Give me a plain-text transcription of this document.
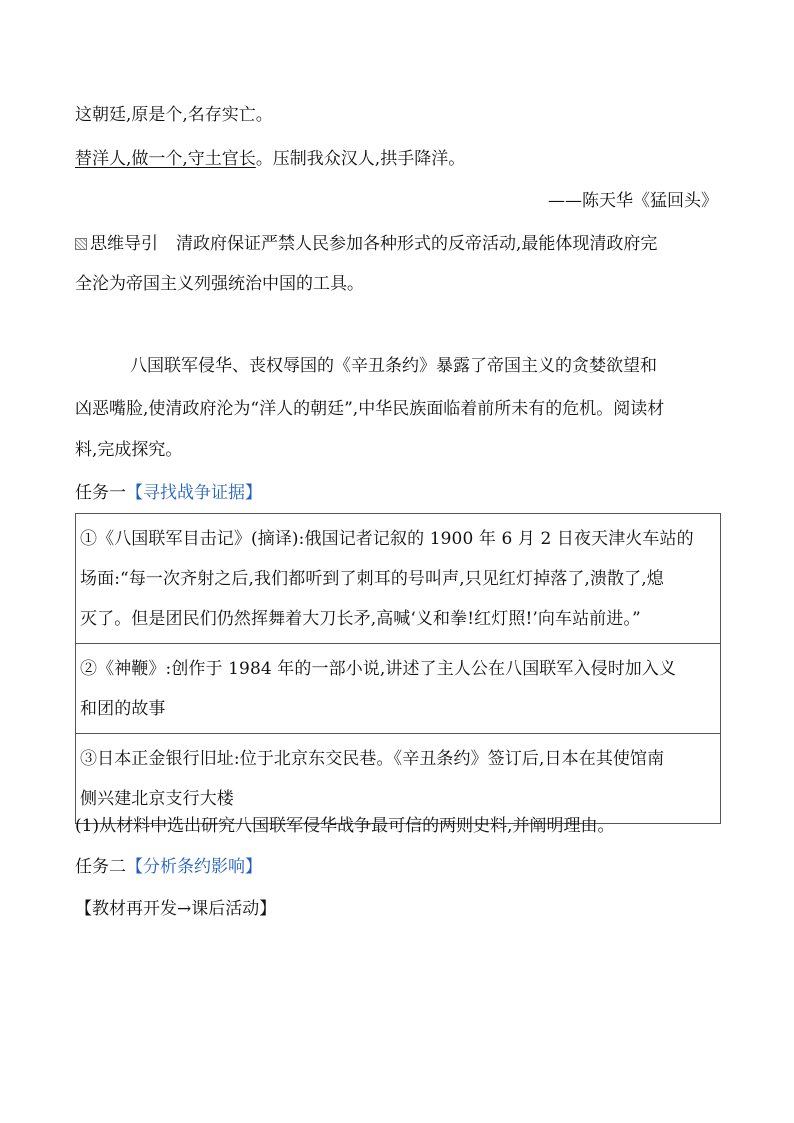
这朝廷,原是个,名存实亡。
替洋人,做一个,守土官长。压制我众汉人,拱手降洋。
——陈天华《猛回头》
思维导引 清政府保证严禁人民参加各种形式的反帝活动,最能体现清政府完
全沦为帝国主义列强统治中国的工具。
八国联军侵华、丧权辱国的《辛丑条约》暴露了帝国主义的贪婪欲望和
凶恶嘴脸,使清政府沦为“洋人的朝廷”,中华民族面临着前所未有的危机。阅读材
料,完成探究。
任务一【寻找战争证据】
①《八国联军目击记》(摘译):俄国记者记叙的 1900 年 6 月 2 日夜天津火车站的
场面:“每一次齐射之后,我们都听到了刺耳的号叫声,只见红灯掉落了,溃散了,熄
灭了。但是团民们仍然挥舞着大刀长矛,高喊‘义和拳!红灯照!’向车站前进。”
②《神鞭》:创作于 1984 年的一部小说,讲述了主人公在八国联军入侵时加入义
和团的故事
③日本正金银行旧址:位于北京东交民巷。《辛丑条约》签订后,日本在其使馆南
侧兴建北京支行大楼
(1)从材料中选出研究八国联军侵华战争最可信的两则史料,并阐明理由。
任务二【分析条约影响】
【教材再开发→课后活动】
